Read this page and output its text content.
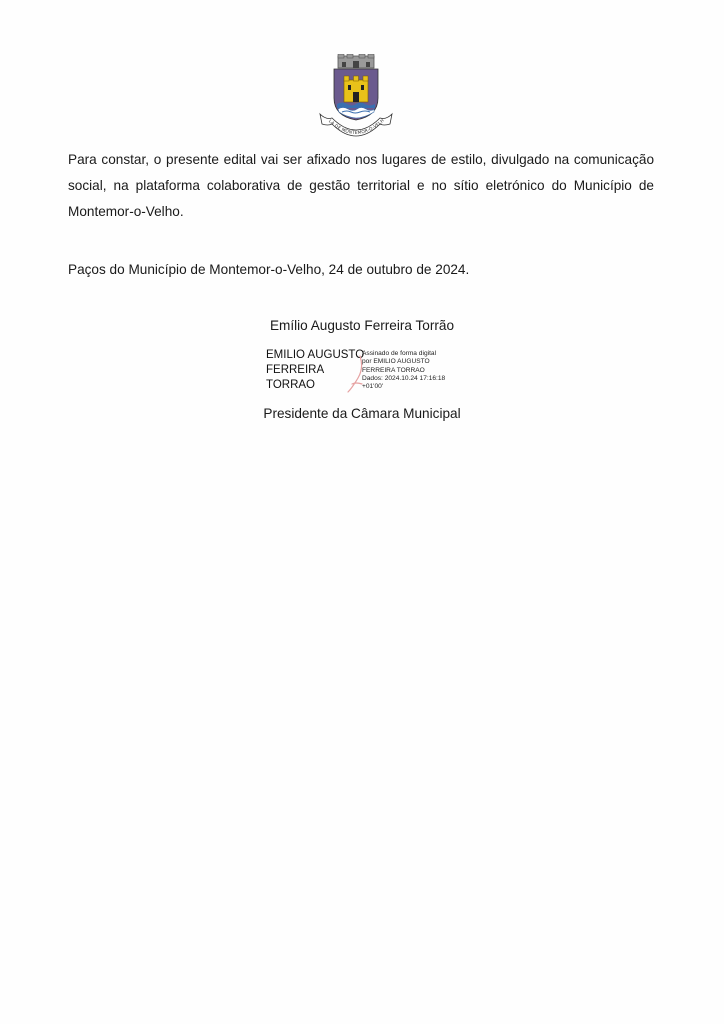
LA DE MONTEMOR-O-VELH
Para constar, o presente edital vai ser afixado nos lugares de estilo, divulgado na comunicação social, na plataforma colaborativa de gestão territorial e no sítio eletrónico do Município de Montemor-o-Velho.
Paços do Município de Montemor-o-Velho, 24 de outubro de 2024.
Emílio Augusto Ferreira Torrão
EMILIO AUGUSTO
FERREIRA
TORRAO
Assinado de forma digital
por EMILIO AUGUSTO
FERREIRA TORRAO
Dados: 2024.10.24 17:16:18
+01'00'
Presidente da Câmara Municipal
